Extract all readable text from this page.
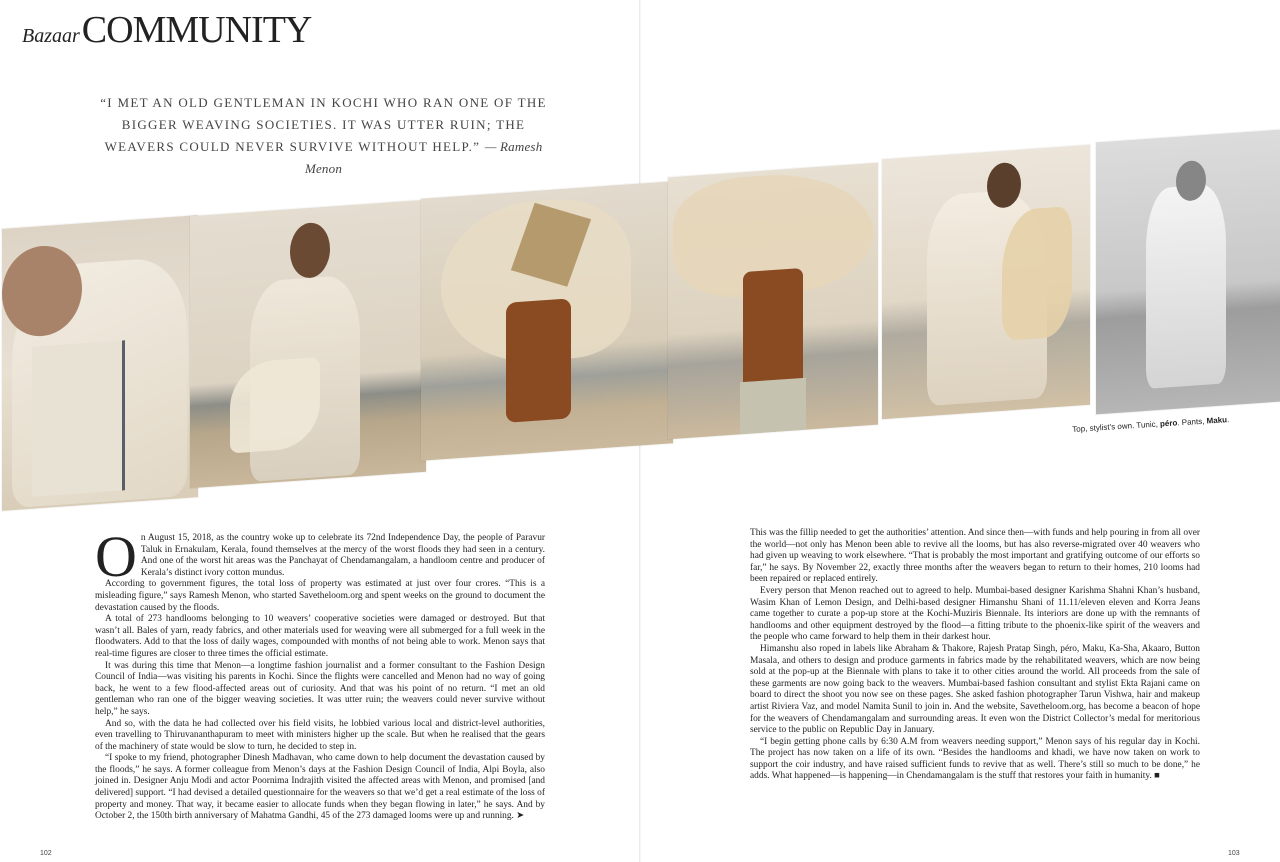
Bazaar COMMUNITY
“I MET AN OLD GENTLEMAN IN KOCHI WHO RAN ONE OF THE BIGGER WEAVING SOCIETIES. IT WAS UTTER RUIN; THE WEAVERS COULD NEVER SURVIVE WITHOUT HELP.” — Ramesh Menon
Top, stylist’s own. Tunic, péro. Pants, Maku.

On August 15, 2018, as the country woke up to celebrate its 72nd Independence Day, the people of Paravur Taluk in Ernakulam, Kerala, found themselves at the mercy of the worst floods they had seen in a century. And one of the worst hit areas was the Panchayat of Chendamangalam, a handloom centre and producer of Kerala’s distinct ivory cotton mundus.

According to government figures, the total loss of property was estimated at just over four crores. “This is a misleading figure,” says Ramesh Menon, who started Savetheloom.org and spent weeks on the ground to document the devastation caused by the floods.

A total of 273 handlooms belonging to 10 weavers’ cooperative societies were damaged or destroyed. But that wasn’t all. Bales of yarn, ready fabrics, and other materials used for weaving were all submerged for a full week in the floodwaters. Add to that the loss of daily wages, compounded with months of not being able to work. Menon says that real-time figures are closer to three times the official estimate.

It was during this time that Menon—a longtime fashion journalist and a former consultant to the Fashion Design Council of India—was visiting his parents in Kochi. Since the flights were cancelled and Menon had no way of going back, he went to a few flood-affected areas out of curiosity. And that was his point of no return. “I met an old gentleman who ran one of the bigger weaving societies. It was utter ruin; the weavers could never survive without help,” he says.

And so, with the data he had collected over his field visits, he lobbied various local and district-level authorities, even travelling to Thiruvananthapuram to meet with ministers higher up the scale. But when he realised that the gears of the machinery of state would be slow to turn, he decided to step in.

“I spoke to my friend, photographer Dinesh Madhavan, who came down to help document the devastation caused by the floods,” he says. A former colleague from Menon’s days at the Fashion Design Council of India, Alpi Boyla, also joined in. Designer Anju Modi and actor Poornima Indrajith visited the affected areas with Menon, and promised [and delivered] support. “I had devised a detailed questionnaire for the weavers so that we’d get a real estimate of the loss of property and money. That way, it became easier to allocate funds when they began flowing in later,” he says. And by October 2, the 150th birth anniversary of Mahatma Gandhi, 45 of the 273 damaged looms were up and running. ➤

This was the fillip needed to get the authorities’ attention. And since then—with funds and help pouring in from all over the world—not only has Menon been able to revive all the looms, but has also reverse-migrated over 40 weavers who had given up weaving to work elsewhere. “That is probably the most important and gratifying outcome of our efforts so far,” he says. By November 22, exactly three months after the weavers began to return to their homes, 210 looms had been repaired or replaced entirely.

Every person that Menon reached out to agreed to help. Mumbai-based designer Karishma Shahni Khan’s husband, Wasim Khan of Lemon Design, and Delhi-based designer Himanshu Shani of 11.11/eleven eleven and Korra Jeans came together to curate a pop-up store at the Kochi-Muziris Biennale. Its interiors are done up with the remnants of handlooms and other equipment destroyed by the flood—a fitting tribute to the phoenix-like spirit of the weavers and the people who came forward to help them in their darkest hour.

Himanshu also roped in labels like Abraham & Thakore, Rajesh Pratap Singh, péro, Maku, Ka-Sha, Akaaro, Button Masala, and others to design and produce garments in fabrics made by the rehabilitated weavers, which are now being sold at the pop-up at the Biennale with plans to take it to other cities around the world. All proceeds from the sale of these garments are now going back to the weavers. Mumbai-based fashion consultant and stylist Ekta Rajani came on board to direct the shoot you now see on these pages. She asked fashion photographer Tarun Vishwa, hair and makeup artist Riviera Vaz, and model Namita Sunil to join in. And the website, Savetheloom.org, has become a beacon of hope for the weavers of Chendamangalam and surrounding areas. It even won the District Collector’s medal for meritorious service to the public on Republic Day in January.

“I begin getting phone calls by 6:30 A.M from weavers needing support,” Menon says of his regular day in Kochi. The project has now taken on a life of its own. “Besides the handlooms and khadi, we have now taken on work to support the coir industry, and have raised sufficient funds to revive that as well. There’s still so much to be done,” he adds. What happened—is happening—in Chendamangalam is the stuff that restores your faith in humanity. ■

102	103
